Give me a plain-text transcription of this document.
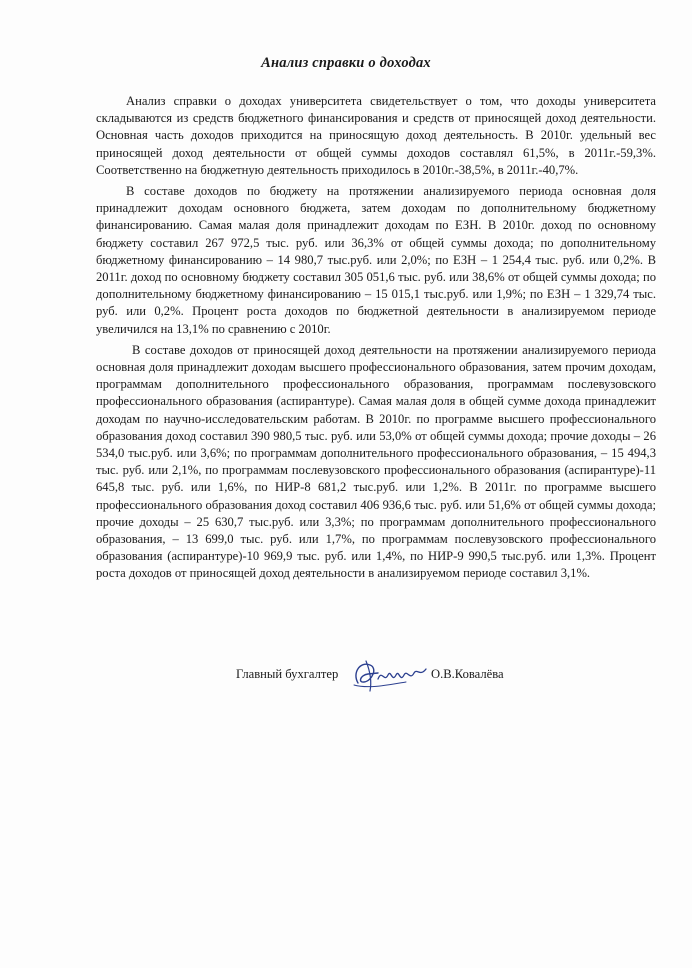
Анализ справки о доходах

Анализ справки о доходах университета свидетельствует о том, что доходы университета складываются из средств бюджетного финансирования и средств от приносящей доход деятельности. Основная часть доходов приходится на приносящую доход деятельность. В 2010г. удельный вес приносящей доход деятельности от общей суммы доходов составлял 61,5%, в 2011г.-59,3%. Соответственно на бюджетную деятельность приходилось в 2010г.-38,5%, в 2011г.-40,7%.

В составе доходов по бюджету на протяжении анализируемого периода основная доля принадлежит доходам основного бюджета, затем доходам по дополнительному бюджетному финансированию. Самая малая доля принадлежит доходам по ЕЗН. В 2010г. доход по основному бюджету составил 267 972,5 тыс. руб. или 36,3% от общей суммы дохода; по дополнительному бюджетному финансированию – 14 980,7 тыс.руб. или 2,0%; по ЕЗН – 1 254,4 тыс. руб. или 0,2%. В 2011г. доход по основному бюджету составил 305 051,6 тыс. руб. или 38,6% от общей суммы дохода; по дополнительному бюджетному финансированию – 15 015,1 тыс.руб. или 1,9%; по ЕЗН – 1 329,74 тыс. руб. или 0,2%. Процент роста доходов по бюджетной деятельности в анализируемом периоде увеличился на 13,1% по сравнению с 2010г.

В составе доходов от приносящей доход деятельности на протяжении анализируемого периода основная доля принадлежит доходам высшего профессионального образования, затем прочим доходам, программам дополнительного профессионального образования, программам послевузовского профессионального образования (аспирантуре). Самая малая доля в общей сумме дохода принадлежит доходам по научно-исследовательским работам. В 2010г. по программе высшего профессионального образования доход составил 390 980,5 тыс. руб. или 53,0% от общей суммы дохода; прочие доходы – 26 534,0 тыс.руб. или 3,6%; по программам дополнительного профессионального образования, – 15 494,3 тыс. руб. или 2,1%, по программам послевузовского профессионального образования (аспирантуре)-11 645,8 тыс. руб. или 1,6%, по НИР-8 681,2 тыс.руб. или 1,2%. В 2011г. по программе высшего профессионального образования доход составил 406 936,6 тыс. руб. или 51,6% от общей суммы дохода; прочие доходы – 25 630,7 тыс.руб. или 3,3%; по программам дополнительного профессионального образования, – 13 699,0 тыс. руб. или 1,7%, по программам послевузовского профессионального образования (аспирантуре)-10 969,9 тыс. руб. или 1,4%, по НИР-9 990,5 тыс.руб. или 1,3%. Процент роста доходов от приносящей доход деятельности в анализируемом периоде составил 3,1%.

Главный бухгалтер	О.В.Ковалёва
